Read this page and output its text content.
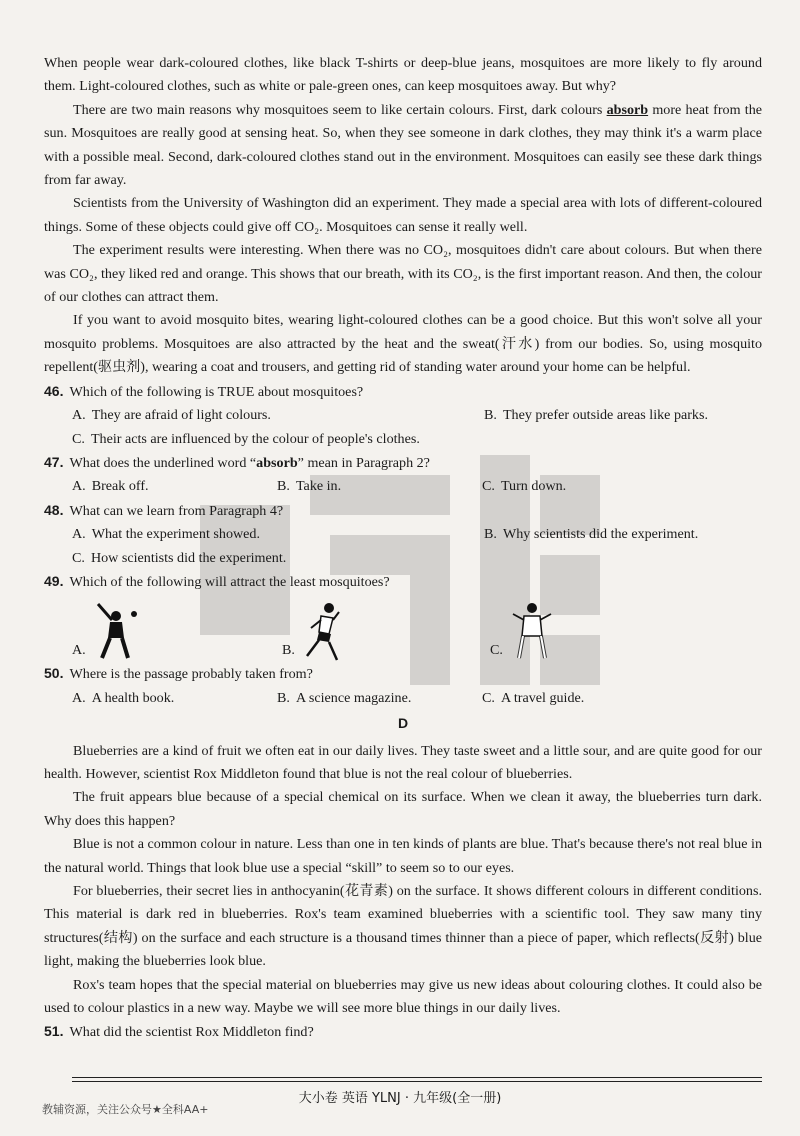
When people wear dark-coloured clothes, like black T-shirts or deep-blue jeans, mosquitoes are more likely to fly around them. Light-coloured clothes, such as white or pale-green ones, can keep mosquitoes away. But why?

There are two main reasons why mosquitoes seem to like certain colours. First, dark colours absorb more heat from the sun. Mosquitoes are really good at sensing heat. So, when they see someone in dark clothes, they may think it's a warm place with a possible meal. Second, dark-coloured clothes stand out in the environment. Mosquitoes can easily see these dark things from far away.

Scientists from the University of Washington did an experiment. They made a special area with lots of different-coloured things. Some of these objects could give off CO₂. Mosquitoes can sense it really well.

The experiment results were interesting. When there was no CO₂, mosquitoes didn't care about colours. But when there was CO₂, they liked red and orange. This shows that our breath, with its CO₂, is the first important reason. And then, the colour of our clothes can attract them.

If you want to avoid mosquito bites, wearing light-coloured clothes can be a good choice. But this won't solve all your mosquito problems. Mosquitoes are also attracted by the heat and the sweat(汗水) from our bodies. So, using mosquito repellent(驱虫剂), wearing a coat and trousers, and getting rid of standing water around your home can be helpful.

46. Which of the following is TRUE about mosquitoes?
A. They are afraid of light colours.	B. They prefer outside areas like parks.
C. Their acts are influenced by the colour of people's clothes.
47. What does the underlined word “absorb” mean in Paragraph 2?
A. Break off.	B. Take in.	C. Turn down.
48. What can we learn from Paragraph 4?
A. What the experiment showed.	B. Why scientists did the experiment.
C. How scientists did the experiment.
49. Which of the following will attract the least mosquitoes?
A.	B.	C.
50. Where is the passage probably taken from?
A. A health book.	B. A science magazine.	C. A travel guide.
D

Blueberries are a kind of fruit we often eat in our daily lives. They taste sweet and a little sour, and are quite good for our health. However, scientist Rox Middleton found that blue is not the real colour of blueberries.

The fruit appears blue because of a special chemical on its surface. When we clean it away, the blueberries turn dark. Why does this happen?

Blue is not a common colour in nature. Less than one in ten kinds of plants are blue. That's because there's not real blue in the natural world. Things that look blue use a special “skill” to seem so to our eyes.

For blueberries, their secret lies in anthocyanin(花青素) on the surface. It shows different colours in different conditions. This material is dark red in blueberries. Rox's team examined blueberries with a scientific tool. They saw many tiny structures(结构) on the surface and each structure is a thousand times thinner than a piece of paper, which reflects(反射) blue light, making the blueberries look blue.

Rox's team hopes that the special material on blueberries may give us new ideas about colouring clothes. It could also be used to colour plastics in a new way. Maybe we will see more blue things in our daily lives.

51. What did the scientist Rox Middleton find?
大小卷 英语 YLNJ · 九年级(全一册)
教辅资源，关注公众号★全科AA+
